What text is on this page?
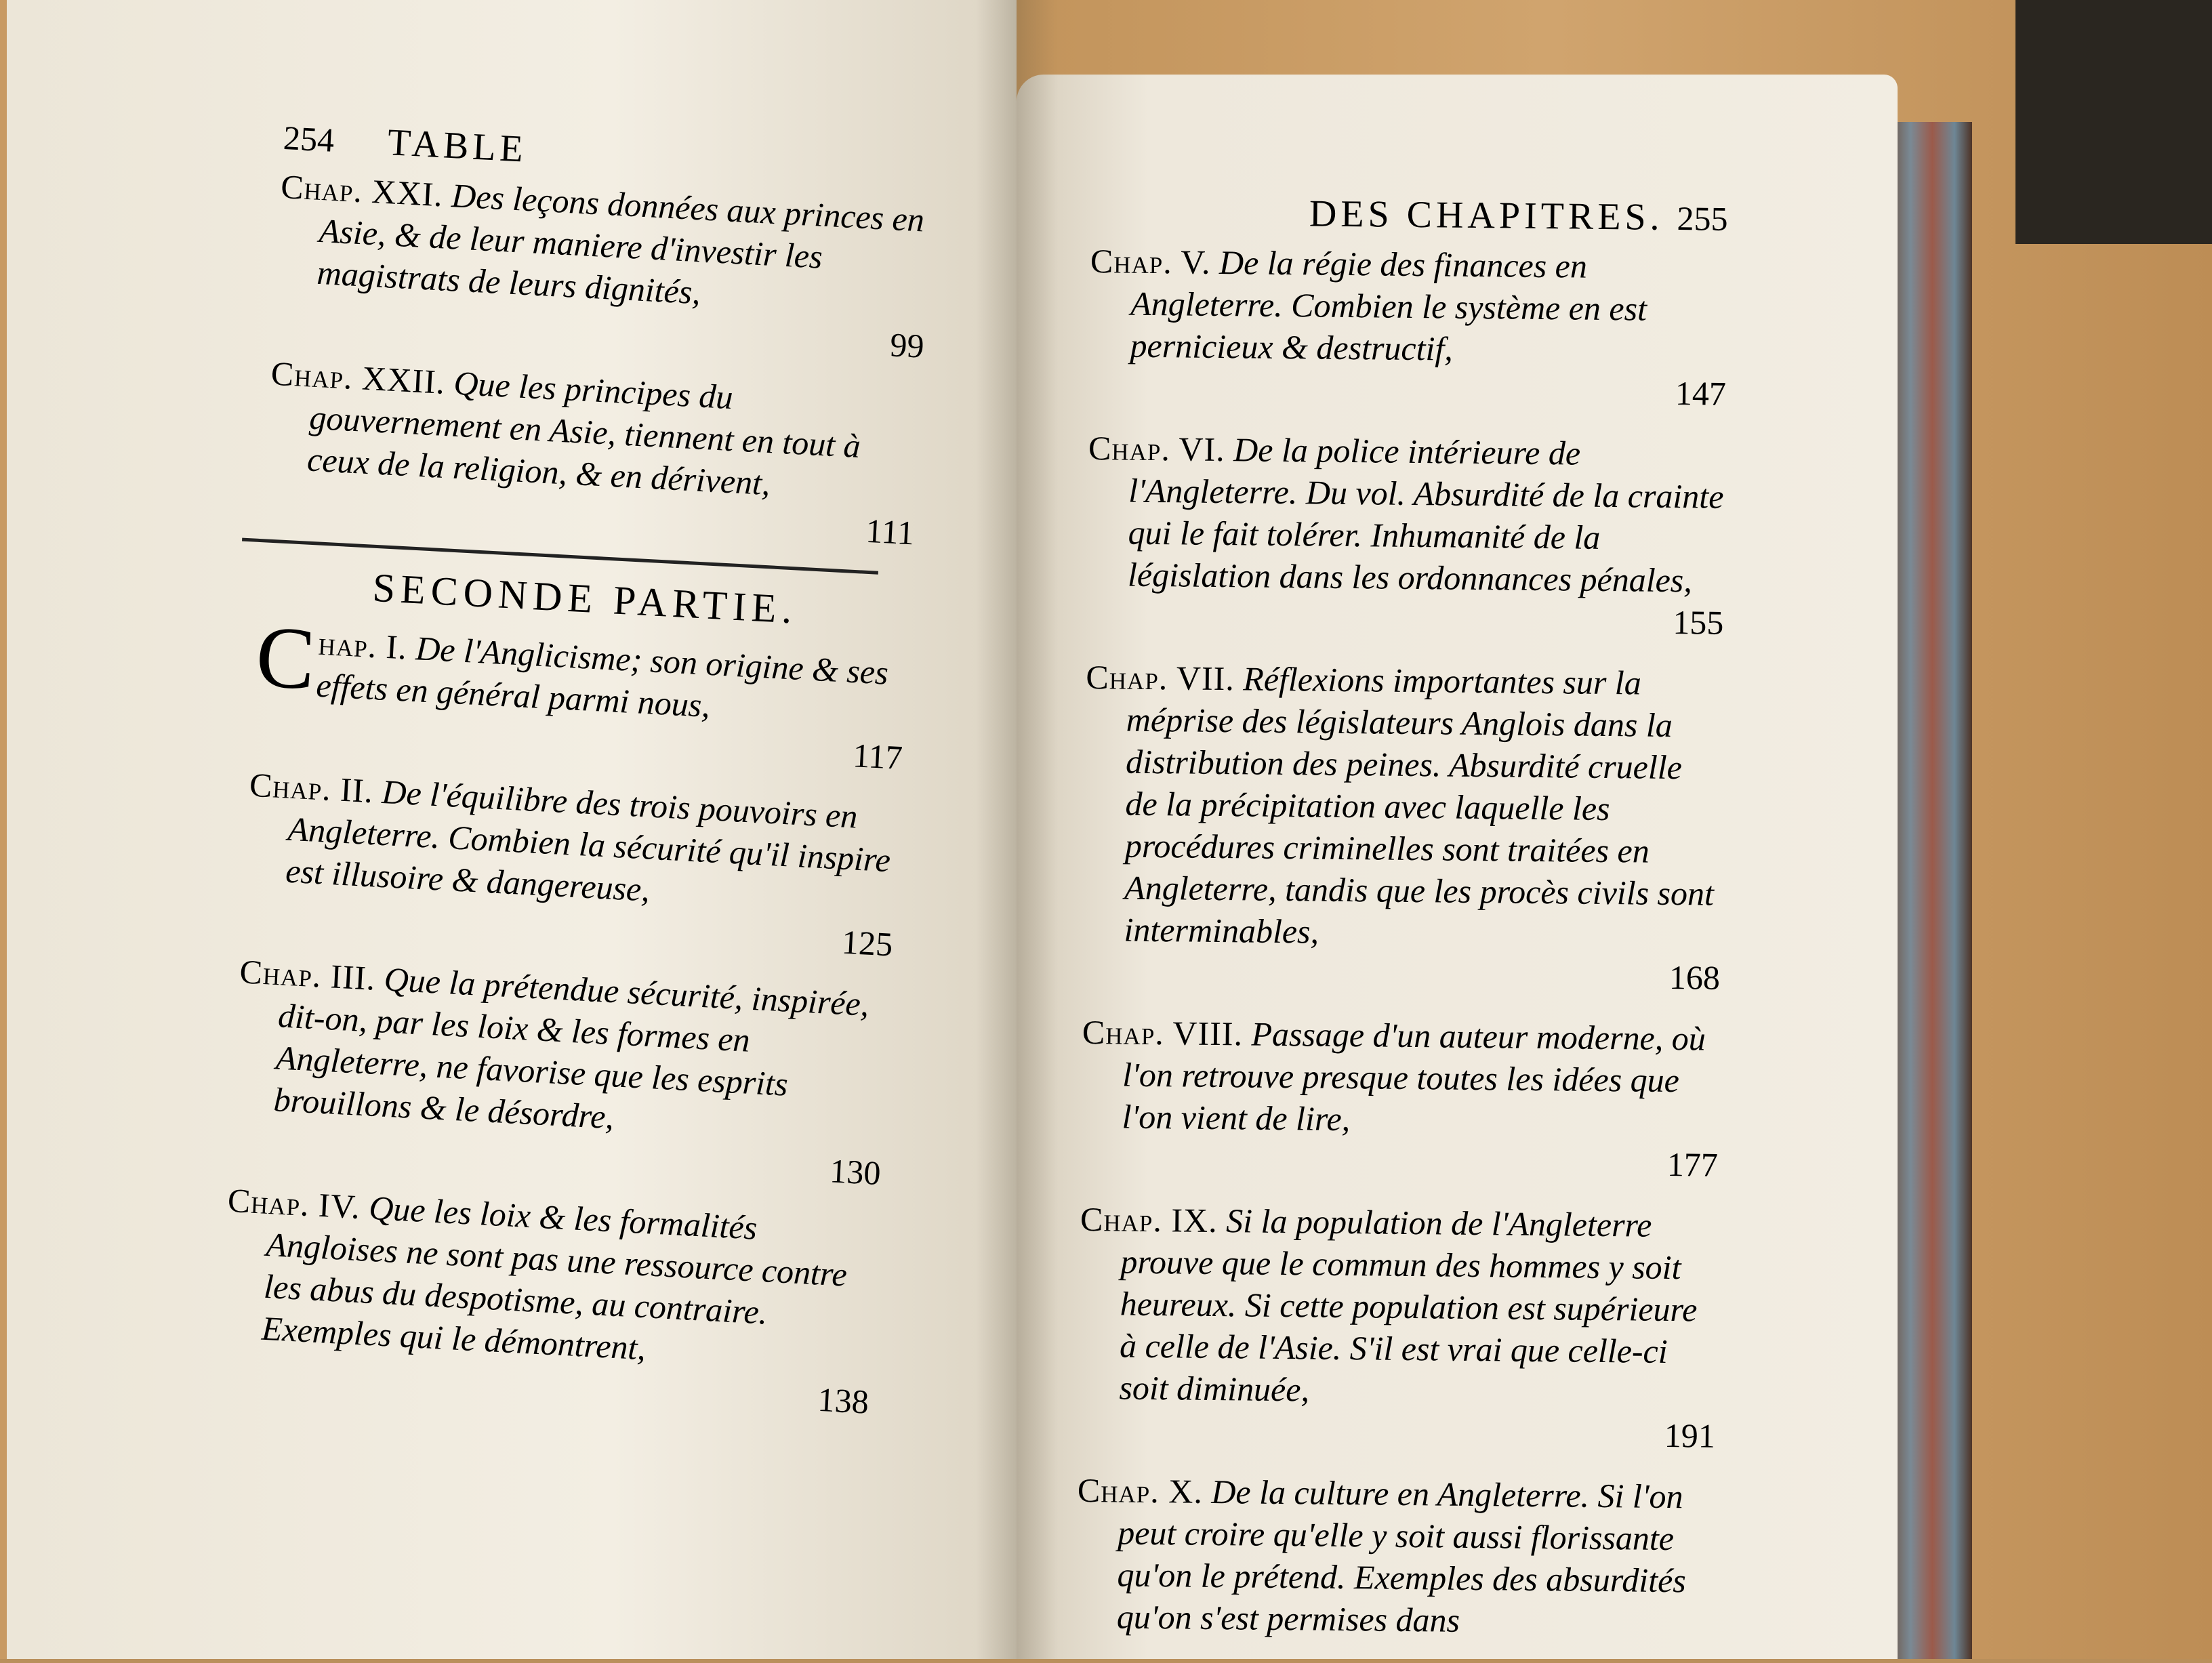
254 TABLE
Chap. XXI. Des leçons données aux princes en Asie, & de leur maniere d'investir les magistrats de leurs dignités,
99
Chap. XXII. Que les principes du gouvernement en Asie, tiennent en tout à ceux de la religion, & en dérivent,
111
SECONDE PARTIE.
C hap. I. De l'Anglicisme; son origine & ses effets en général parmi nous,
117
Chap. II. De l'équilibre des trois pouvoirs en Angleterre. Combien la sécurité qu'il inspire est illusoire & dangereuse,
125
Chap. III. Que la prétendue sécurité, inspirée, dit-on, par les loix & les formes en Angleterre, ne favorise que les esprits brouillons & le désordre,
130
Chap. IV. Que les loix & les formalités Angloises ne sont pas une ressource contre les abus du despotisme, au contraire. Exemples qui le démontrent,
138
DES CHAPITRES. 255
Chap. V. De la régie des finances en Angleterre. Combien le système en est pernicieux & destructif,
147
Chap. VI. De la police intérieure de l'Angleterre. Du vol. Absurdité de la crainte qui le fait tolérer. Inhumanité de la législation dans les ordonnances pénales,
155
Chap. VII. Réflexions importantes sur la méprise des législateurs Anglois dans la distribution des peines. Absurdité cruelle de la précipitation avec laquelle les procédures criminelles sont traitées en Angleterre, tandis que les procès civils sont interminables,
168
Chap. VIII. Passage d'un auteur moderne, où l'on retrouve presque toutes les idées que l'on vient de lire,
177
Chap. IX. Si la population de l'Angleterre prouve que le commun des hommes y soit heureux. Si cette population est supérieure à celle de l'Asie. S'il est vrai que celle-ci soit diminuée,
191
Chap. X. De la culture en Angleterre. Si l'on peut croire qu'elle y soit aussi florissante qu'on le prétend. Exemples des absurdités qu'on s'est permises dans
